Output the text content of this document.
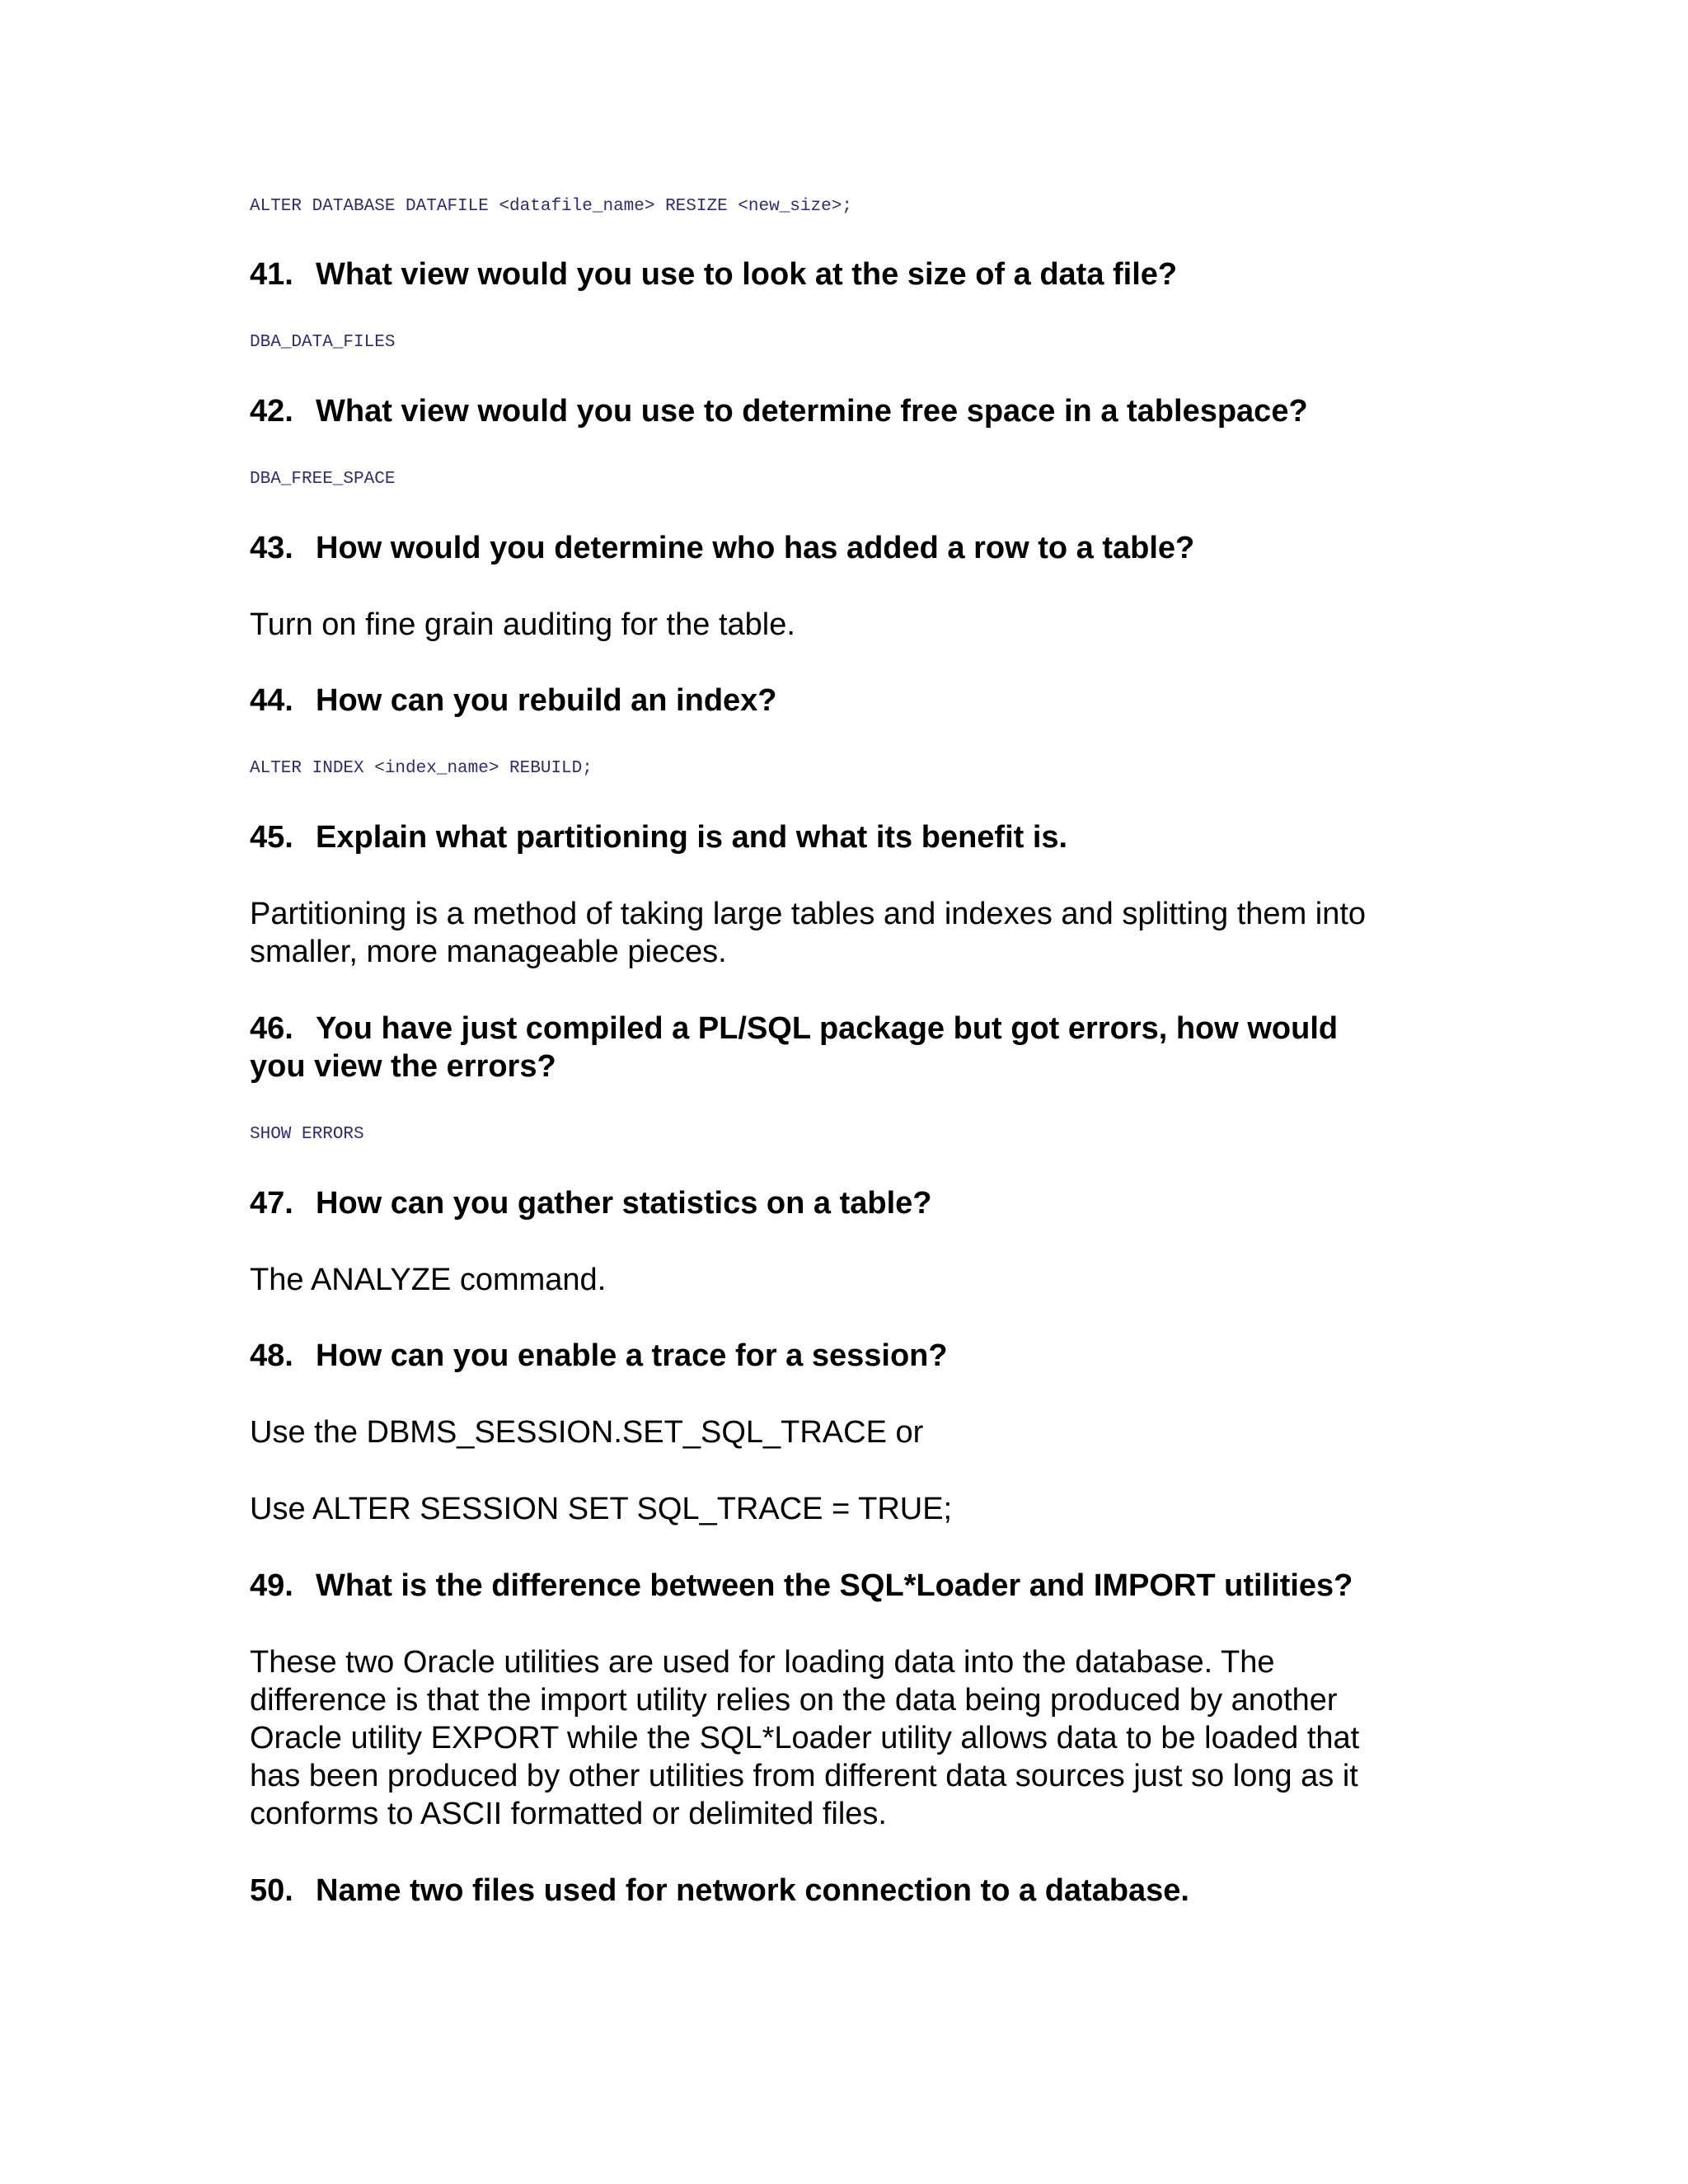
ALTER DATABASE DATAFILE <datafile_name> RESIZE <new_size>;
41. What view would you use to look at the size of a data file?
DBA_DATA_FILES
42. What view would you use to determine free space in a tablespace?
DBA_FREE_SPACE
43. How would you determine who has added a row to a table?
Turn on fine grain auditing for the table.
44. How can you rebuild an index?
ALTER INDEX <index_name> REBUILD;
45. Explain what partitioning is and what its benefit is.
Partitioning is a method of taking large tables and indexes and splitting them into
smaller, more manageable pieces.
46. You have just compiled a PL/SQL package but got errors, how would
you view the errors?
SHOW ERRORS
47. How can you gather statistics on a table?
The ANALYZE command.
48. How can you enable a trace for a session?
Use the DBMS_SESSION.SET_SQL_TRACE or
Use ALTER SESSION SET SQL_TRACE = TRUE;
49. What is the difference between the SQL*Loader and IMPORT utilities?
These two Oracle utilities are used for loading data into the database. The
difference is that the import utility relies on the data being produced by another
Oracle utility EXPORT while the SQL*Loader utility allows data to be loaded that
has been produced by other utilities from different data sources just so long as it
conforms to ASCII formatted or delimited files.
50. Name two files used for network connection to a database.
